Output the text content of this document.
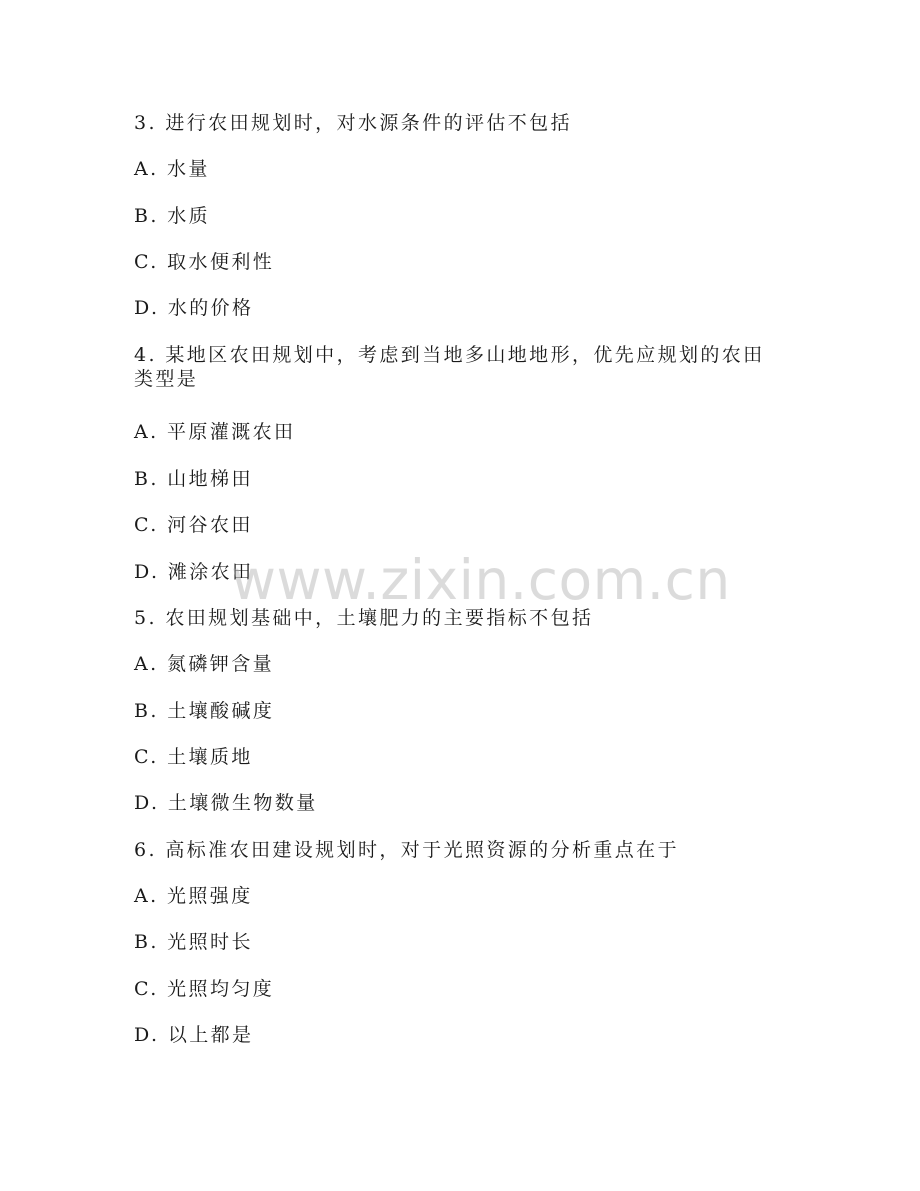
3. 进行农田规划时，对水源条件的评估不包括
A. 水量
B. 水质
C. 取水便利性
D. 水的价格
4. 某地区农田规划中，考虑到当地多山地地形，优先应规划的农田类型是
A. 平原灌溉农田
B. 山地梯田
C. 河谷农田
D. 滩涂农田
5. 农田规划基础中，土壤肥力的主要指标不包括
A. 氮磷钾含量
B. 土壤酸碱度
C. 土壤质地
D. 土壤微生物数量
6. 高标准农田建设规划时，对于光照资源的分析重点在于
A. 光照强度
B. 光照时长
C. 光照均匀度
D. 以上都是
www.zixin.com.cn
